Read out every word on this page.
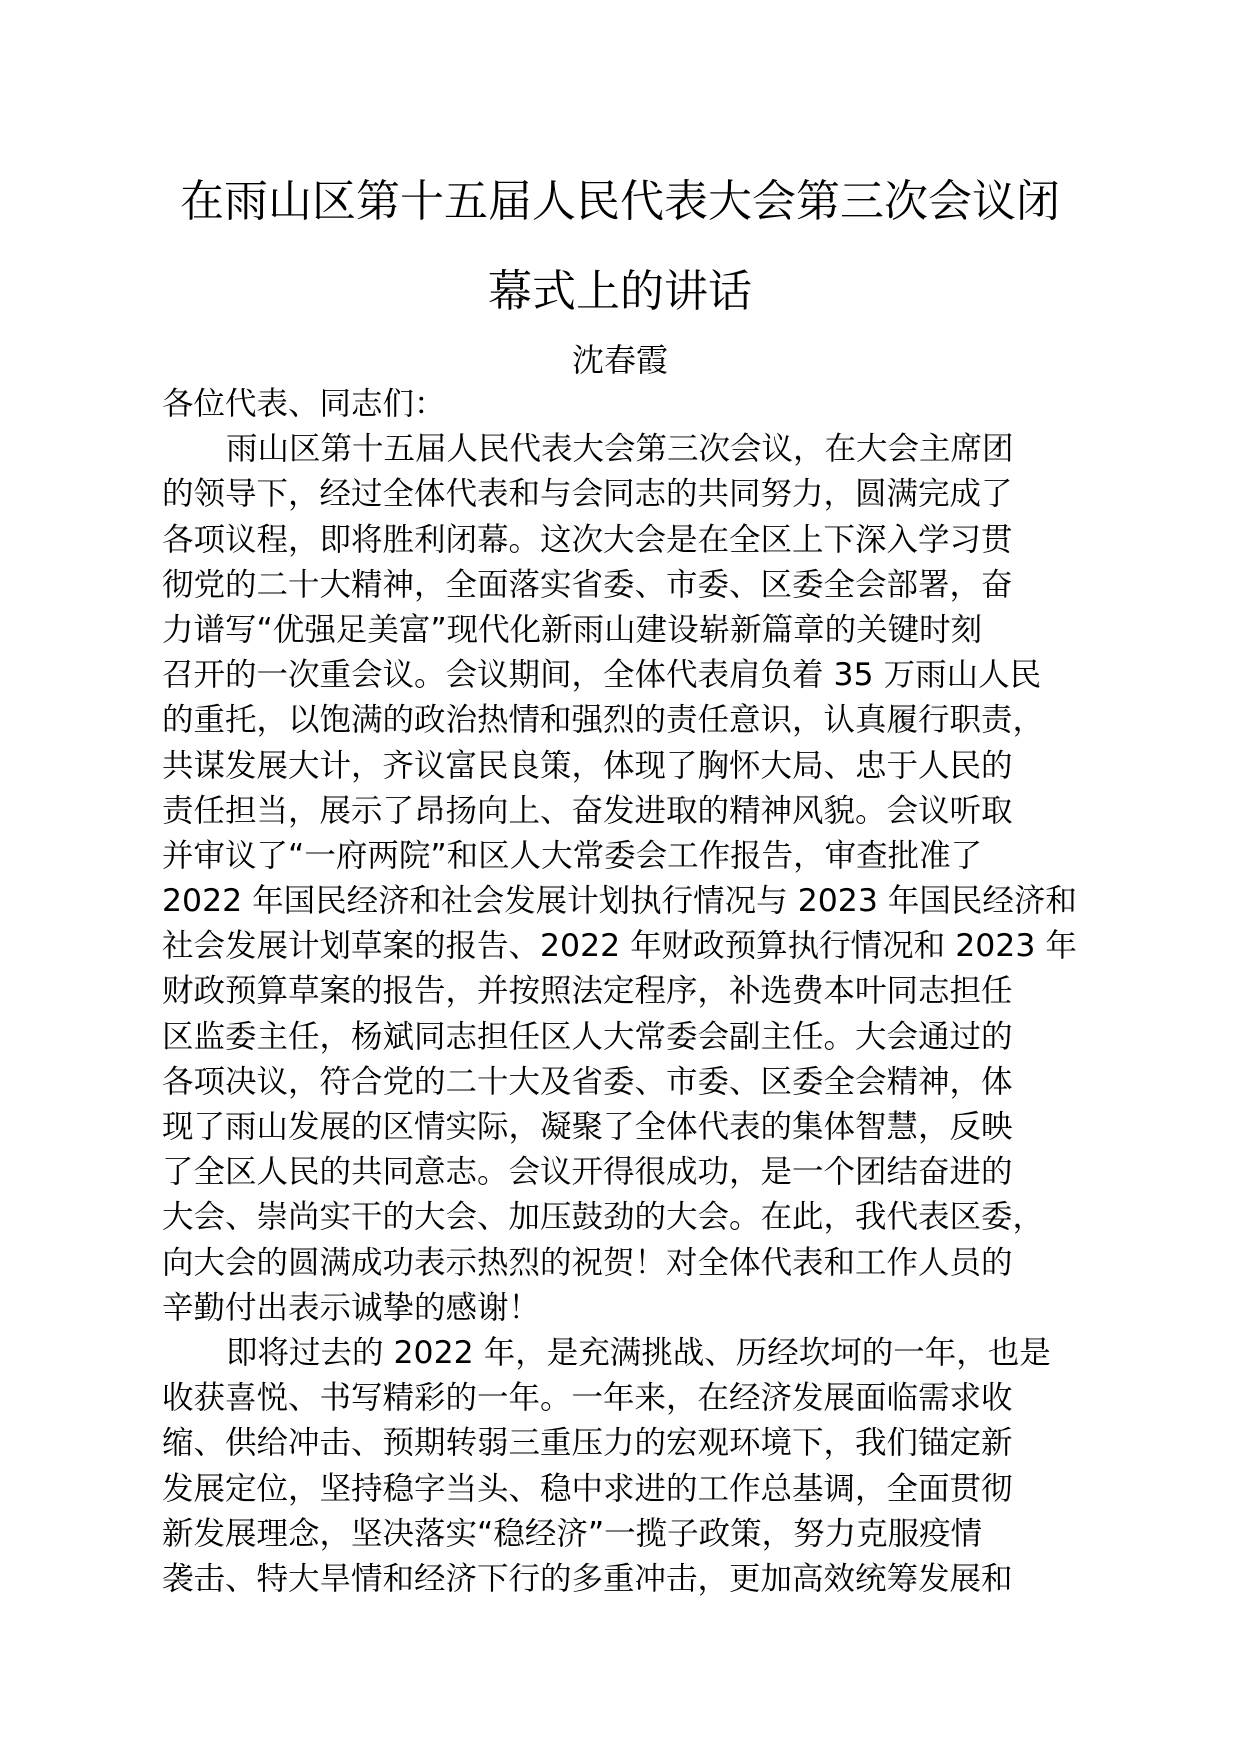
在雨山区第十五届人民代表大会第三次会议闭
幕式上的讲话

沈春霞

各位代表、同志们：
雨山区第十五届人民代表大会第三次会议，在大会主席团
的领导下，经过全体代表和与会同志的共同努力，圆满完成了
各项议程，即将胜利闭幕。这次大会是在全区上下深入学习贯
彻党的二十大精神，全面落实省委、市委、区委全会部署，奋
力谱写“优强足美富”现代化新雨山建设崭新篇章的关键时刻
召开的一次重会议。会议期间，全体代表肩负着 35 万雨山人民
的重托，以饱满的政治热情和强烈的责任意识，认真履行职责，
共谋发展大计，齐议富民良策，体现了胸怀大局、忠于人民的
责任担当，展示了昂扬向上、奋发进取的精神风貌。会议听取
并审议了“一府两院”和区人大常委会工作报告，审查批准了
2022 年国民经济和社会发展计划执行情况与 2023 年国民经济和
社会发展计划草案的报告、2022 年财政预算执行情况和 2023 年
财政预算草案的报告，并按照法定程序，补选费本叶同志担任
区监委主任，杨斌同志担任区人大常委会副主任。大会通过的
各项决议，符合党的二十大及省委、市委、区委全会精神，体
现了雨山发展的区情实际，凝聚了全体代表的集体智慧，反映
了全区人民的共同意志。会议开得很成功，是一个团结奋进的
大会、崇尚实干的大会、加压鼓劲的大会。在此，我代表区委，
向大会的圆满成功表示热烈的祝贺！对全体代表和工作人员的
辛勤付出表示诚挚的感谢！
即将过去的 2022 年，是充满挑战、历经坎坷的一年，也是
收获喜悦、书写精彩的一年。一年来，在经济发展面临需求收
缩、供给冲击、预期转弱三重压力的宏观环境下，我们锚定新
发展定位，坚持稳字当头、稳中求进的工作总基调，全面贯彻
新发展理念，坚决落实“稳经济”一揽子政策，努力克服疫情
袭击、特大旱情和经济下行的多重冲击，更加高效统筹发展和
